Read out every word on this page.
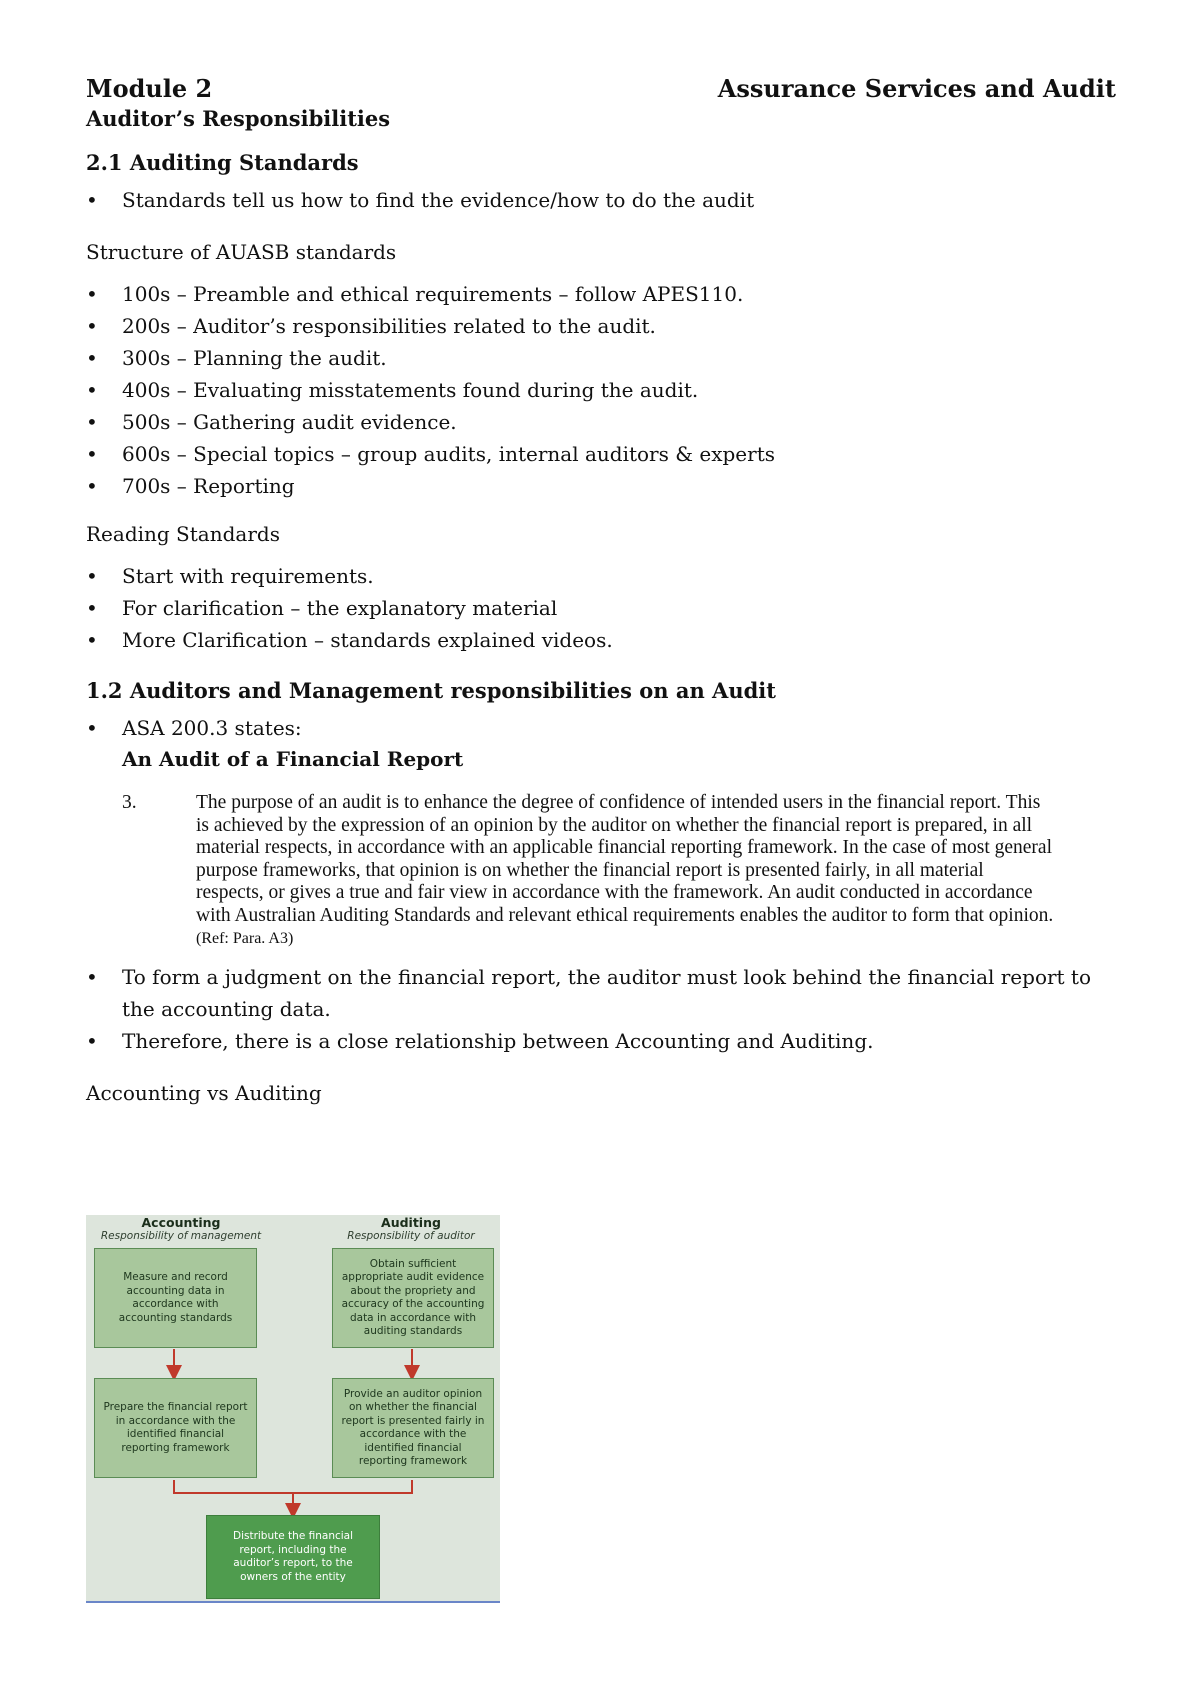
Module 2	Assurance Services and Audit
Auditor’s Responsibilities
2.1 Auditing Standards
• Standards tell us how to find the evidence/how to do the audit
Structure of AUASB standards
• 100s – Preamble and ethical requirements – follow APES110.
• 200s – Auditor’s responsibilities related to the audit.
• 300s – Planning the audit.
• 400s – Evaluating misstatements found during the audit.
• 500s – Gathering audit evidence.
• 600s – Special topics – group audits, internal auditors & experts
• 700s – Reporting
Reading Standards
• Start with requirements.
• For clarification – the explanatory material
• More Clarification – standards explained videos.
1.2 Auditors and Management responsibilities on an Audit
• ASA 200.3 states:
An Audit of a Financial Report
3.	The purpose of an audit is to enhance the degree of confidence of intended users in the financial report. This is achieved by the expression of an opinion by the auditor on whether the financial report is prepared, in all material respects, in accordance with an applicable financial reporting framework. In the case of most general purpose frameworks, that opinion is on whether the financial report is presented fairly, in all material respects, or gives a true and fair view in accordance with the framework. An audit conducted in accordance with Australian Auditing Standards and relevant ethical requirements enables the auditor to form that opinion. (Ref: Para. A3)
• To form a judgment on the financial report, the auditor must look behind the financial report to the accounting data.
• Therefore, there is a close relationship between Accounting and Auditing.
Accounting vs Auditing
Accounting
Responsibility of management
Auditing
Responsibility of auditor
Measure and record accounting data in accordance with accounting standards
Obtain sufficient appropriate audit evidence about the propriety and accuracy of the accounting data in accordance with auditing standards
Prepare the financial report in accordance with the identified financial reporting framework
Provide an auditor opinion on whether the financial report is presented fairly in accordance with the identified financial reporting framework
Distribute the financial report, including the auditor’s report, to the owners of the entity
